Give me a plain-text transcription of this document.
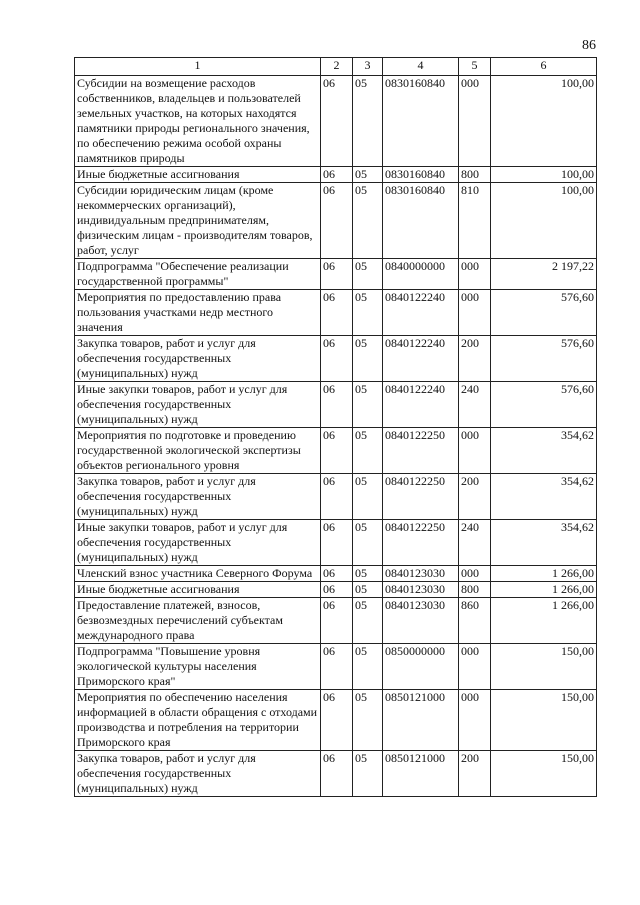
86
1	2	3	4	5	6
Субсидии на возмещение расходов собственников, владельцев и пользователей земельных участков, на которых находятся памятники природы регионального значения, по обеспечению режима особой охраны памятников природы	06	05	0830160840	000	100,00
Иные бюджетные ассигнования	06	05	0830160840	800	100,00
Субсидии юридическим лицам (кроме некоммерческих организаций), индивидуальным предпринимателям, физическим лицам - производителям товаров, работ, услуг	06	05	0830160840	810	100,00
Подпрограмма "Обеспечение реализации государственной программы"	06	05	0840000000	000	2 197,22
Мероприятия по предоставлению права пользования участками недр местного значения	06	05	0840122240	000	576,60
Закупка товаров, работ и услуг для обеспечения государственных (муниципальных) нужд	06	05	0840122240	200	576,60
Иные закупки товаров, работ и услуг для обеспечения государственных (муниципальных) нужд	06	05	0840122240	240	576,60
Мероприятия по подготовке и проведению государственной экологической экспертизы объектов регионального уровня	06	05	0840122250	000	354,62
Закупка товаров, работ и услуг для обеспечения государственных (муниципальных) нужд	06	05	0840122250	200	354,62
Иные закупки товаров, работ и услуг для обеспечения государственных (муниципальных) нужд	06	05	0840122250	240	354,62
Членский взнос участника Северного Форума	06	05	0840123030	000	1 266,00
Иные бюджетные ассигнования	06	05	0840123030	800	1 266,00
Предоставление платежей, взносов, безвозмездных перечислений субъектам международного права	06	05	0840123030	860	1 266,00
Подпрограмма "Повышение уровня экологической культуры населения Приморского края"	06	05	0850000000	000	150,00
Мероприятия по обеспечению населения информацией в области обращения с отходами производства и потребления на территории Приморского края	06	05	0850121000	000	150,00
Закупка товаров, работ и услуг для обеспечения государственных (муниципальных) нужд	06	05	0850121000	200	150,00
